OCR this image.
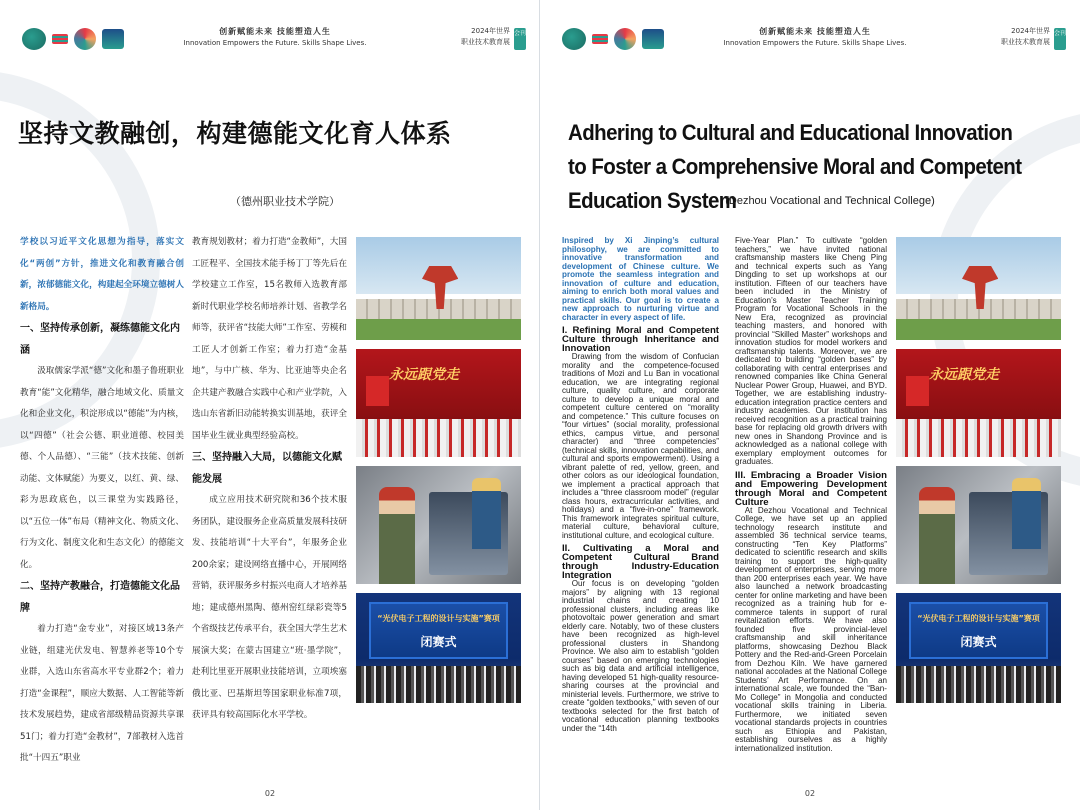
创新赋能未来 技能塑造人生
Innovation Empowers the Future. Skills Shape Lives.
2024年世界
职业技术教育展
会刊
坚持文教融创，构建德能文化育人体系
（德州职业技术学院）

学校以习近平文化思想为指导，落实文化“两创”方针，推进文化和教育融合创新，浓郁德能文化，构建起全环境立德树人新格局。

一、坚持传承创新，凝练德能文化内涵

汲取儒家学派“德”文化和墨子鲁班职业教育“能”文化精华，融合地域文化、质量文化和企业文化，积淀形成以“德能”为内核，以“四德”（社会公德、职业道德、校园美德、个人品德）、“三能”（技术技能、创新动能、文体赋能）为要义，以红、黄、绿、彩为思政底色，以三课堂为实践路径，以“五位一体”布局（精神文化、物质文化、行为文化、制度文化和生态文化）的德能文化。

二、坚持产教融合，打造德能文化品牌

着力打造“金专业”，对接区域13条产业链，组建光伏发电、智慧养老等10个专业群，入选山东省高水平专业群2个；着力打造“金课程”，顺应大数据、人工智能等新技术发展趋势，建成省部级精品资源共享课51门；着力打造“金教材”，7部教材入选首批“十四五”职业

教育规划教材；着力打造“金教师”，大国工匠程平、全国技术能手杨丁丁等先后在学校建立工作室，15名教师入选教育部新时代职业学校名师培养计划、省教学名师等，获评省“技能大师”工作室、劳模和工匠人才创新工作室；着力打造“金基地”，与中广核、华为、比亚迪等央企名企共建产教融合实践中心和产业学院，入选山东省新旧动能转换实训基地，获评全国毕业生就业典型经验高校。

三、坚持融入大局，以德能文化赋能发展

成立应用技术研究院和36个技术服务团队，建设服务企业高质量发展科技研发、技能培训“十大平台”，年服务企业200余家；建设网络直播中心，开展网络营销，获评服务乡村振兴电商人才培养基地；建成德州黑陶、德州窑红绿彩瓷等5个省级技艺传承平台，获全国大学生艺术展演大奖；在蒙古国建立“班·墨学院”，赴利比里亚开展职业技能培训，立项埃塞俄比亚、巴基斯坦等国家职业标准7项，获评具有较高国际化水平学校。

永远跟党走
“光伏电子工程的设计与实施”赛项
闭赛式
02
创新赋能未来 技能塑造人生
Innovation Empowers the Future. Skills Shape Lives.
2024年世界
职业技术教育展
会刊
Adhering to Cultural and Educational Innovation to Foster a Comprehensive Moral and Competent Education System
(Dezhou Vocational and Technical College)

Inspired by Xi Jinping’s cultural philosophy, we are committed to innovative transformation and development of Chinese culture. We promote the seamless integration and innovation of culture and education, aiming to enrich both moral values and practical skills. Our goal is to create a new approach to nurturing virtue and character in every aspect of life.

I. Refining Moral and Competent Culture through Inheritance and Innovation

Drawing from the wisdom of Confucian morality and the competence-focused traditions of Mozi and Lu Ban in vocational education, we are integrating regional culture, quality culture, and corporate culture to develop a unique moral and competent culture centered on “morality and competence.” This culture focuses on “four virtues” (social morality, professional ethics, campus virtue, and personal character) and “three competencies” (technical skills, innovation capabilities, and cultural and sports empowerment). Using a vibrant palette of red, yellow, green, and other colors as our ideological foundation, we implement a practical approach that includes a “three classroom model” (regular class hours, extracurricular activities, and holidays) and a “five-in-one” framework. This framework integrates spiritual culture, material culture, behavioral culture, institutional culture, and ecological culture.

II. Cultivating a Moral and Competent Cultural Brand through Industry-Education Integration

Our focus is on developing “golden majors” by aligning with 13 regional industrial chains and creating 10 professional clusters, including areas like photovoltaic power generation and smart elderly care. Notably, two of these clusters have been recognized as high-level professional clusters in Shandong Province. We also aim to establish “golden courses” based on emerging technologies such as big data and artificial intelligence, having developed 51 high-quality resource-sharing courses at the provincial and ministerial levels. Furthermore, we strive to create “golden textbooks,” with seven of our textbooks selected for the first batch of vocational education planning textbooks under the “14th

Five-Year Plan.” To cultivate “golden teachers,” we have invited national craftsmanship masters like Cheng Ping and technical experts such as Yang Dingding to set up workshops at our institution. Fifteen of our teachers have been included in the Ministry of Education’s Master Teacher Training Program for Vocational Schools in the New Era, recognized as provincial teaching masters, and honored with provincial “Skilled Master” workshops and innovation studios for model workers and craftsmanship talents. Moreover, we are dedicated to building “golden bases” by collaborating with central enterprises and renowned companies like China General Nuclear Power Group, Huawei, and BYD. Together, we are establishing industry-education integration practice centers and industry academies. Our institution has received recognition as a practical training base for replacing old growth drivers with new ones in Shandong Province and is acknowledged as a national college with exemplary employment outcomes for graduates.

III. Embracing a Broader Vision and Empowering Development through Moral and Competent Culture

At Dezhou Vocational and Technical College, we have set up an applied technology research institute and assembled 36 technical service teams, constructing “Ten Key Platforms” dedicated to scientific research and skills training to support the high-quality development of enterprises, serving more than 200 enterprises each year. We have also launched a network broadcasting center for online marketing and have been recognized as a training hub for e-commerce talents in support of rural revitalization efforts. We have also founded five provincial-level craftsmanship and skill inheritance platforms, showcasing Dezhou Black Pottery and the Red-and-Green Porcelain from Dezhou Kiln. We have garnered national accolades at the National College Students’ Art Performance. On an international scale, we founded the “Ban-Mo College” in Mongolia and conducted vocational skills training in Liberia. Furthermore, we initiated seven vocational standards projects in countries such as Ethiopia and Pakistan, establishing ourselves as a highly internationalized institution.

永远跟党走
“光伏电子工程的设计与实施”赛项
闭赛式
02
